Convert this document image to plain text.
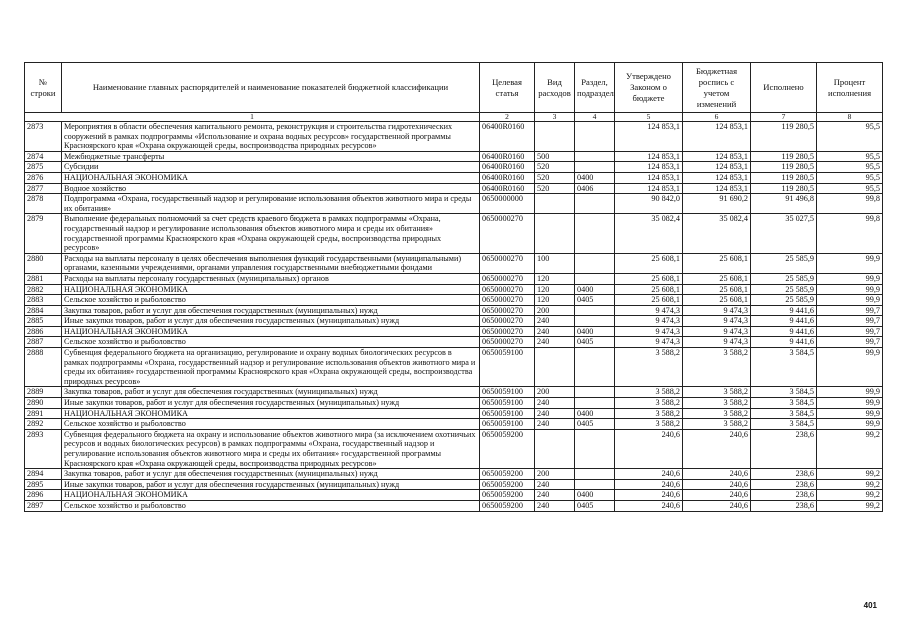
№ строки	Наименование главных распорядителей и наименование показателей бюджетной классификации	Целевая статья	Вид расходов	Раздел, подраздел	Утверждено Законом о бюджете	Бюджетная роспись с учетом изменений	Исполнено	Процент исполнения
1		2	3	4	5	6	7	8
2873	Мероприятия в области обеспечения капитального ремонта, реконструкция и строительства гидротехнических сооружений в рамках подпрограммы «Использование и охрана водных ресурсов» государственной программы Красноярского края «Охрана окружающей среды, воспроизводства природных ресурсов»	06400R0160			124 853,1	124 853,1	119 280,5	95,5
2874	Межбюджетные трансферты	06400R0160	500		124 853,1	124 853,1	119 280,5	95,5
2875	Субсидии	06400R0160	520		124 853,1	124 853,1	119 280,5	95,5
2876	НАЦИОНАЛЬНАЯ ЭКОНОМИКА	06400R0160	520	0400	124 853,1	124 853,1	119 280,5	95,5
2877	Водное хозяйство	06400R0160	520	0406	124 853,1	124 853,1	119 280,5	95,5
2878	Подпрограмма «Охрана, государственный надзор и регулирование использования объектов животного мира и среды их обитания»	0650000000			90 842,0	91 690,2	91 496,8	99,8
2879	Выполнение федеральных полномочий за счет средств краевого бюджета в рамках подпрограммы «Охрана, государственный надзор и регулирование использования объектов животного мира и среды их обитания» государственной программы Красноярского края «Охрана окружающей среды, воспроизводства природных ресурсов»	0650000270			35 082,4	35 082,4	35 027,5	99,8
2880	Расходы на выплаты персоналу в целях обеспечения выполнения функций государственными (муниципальными) органами, казенными учреждениями, органами управления государственными внебюджетными фондами	0650000270	100		25 608,1	25 608,1	25 585,9	99,9
2881	Расходы на выплаты персоналу государственных (муниципальных) органов	0650000270	120		25 608,1	25 608,1	25 585,9	99,9
2882	НАЦИОНАЛЬНАЯ ЭКОНОМИКА	0650000270	120	0400	25 608,1	25 608,1	25 585,9	99,9
2883	Сельское хозяйство и рыболовство	0650000270	120	0405	25 608,1	25 608,1	25 585,9	99,9
2884	Закупка товаров, работ и услуг для обеспечения государственных (муниципальных) нужд	0650000270	200		9 474,3	9 474,3	9 441,6	99,7
2885	Иные закупки товаров, работ и услуг для обеспечения государственных (муниципальных) нужд	0650000270	240		9 474,3	9 474,3	9 441,6	99,7
2886	НАЦИОНАЛЬНАЯ ЭКОНОМИКА	0650000270	240	0400	9 474,3	9 474,3	9 441,6	99,7
2887	Сельское хозяйство и рыболовство	0650000270	240	0405	9 474,3	9 474,3	9 441,6	99,7
2888	Субвенция федерального бюджета на организацию, регулирование и охрану водных биологических ресурсов в рамках подпрограммы «Охрана, государственный надзор и регулирование использования объектов животного мира и среды их обитания» государственной программы Красноярского края «Охрана окружающей среды, воспроизводства природных ресурсов»	0650059100			3 588,2	3 588,2	3 584,5	99,9
2889	Закупка товаров, работ и услуг для обеспечения государственных (муниципальных) нужд	0650059100	200		3 588,2	3 588,2	3 584,5	99,9
2890	Иные закупки товаров, работ и услуг для обеспечения государственных (муниципальных) нужд	0650059100	240		3 588,2	3 588,2	3 584,5	99,9
2891	НАЦИОНАЛЬНАЯ ЭКОНОМИКА	0650059100	240	0400	3 588,2	3 588,2	3 584,5	99,9
2892	Сельское хозяйство и рыболовство	0650059100	240	0405	3 588,2	3 588,2	3 584,5	99,9
2893	Субвенция федерального бюджета на охрану и использование объектов животного мира (за исключением охотничьих ресурсов и водных биологических ресурсов) в рамках подпрограммы «Охрана, государственный надзор и регулирование использования объектов животного мира и среды их обитания» государственной программы Красноярского края «Охрана окружающей среды, воспроизводства природных ресурсов»	0650059200			240,6	240,6	238,6	99,2
2894	Закупка товаров, работ и услуг для обеспечения государственных (муниципальных) нужд	0650059200	200		240,6	240,6	238,6	99,2
2895	Иные закупки товаров, работ и услуг для обеспечения государственных (муниципальных) нужд	0650059200	240		240,6	240,6	238,6	99,2
2896	НАЦИОНАЛЬНАЯ ЭКОНОМИКА	0650059200	240	0400	240,6	240,6	238,6	99,2
2897	Сельское хозяйство и рыболовство	0650059200	240	0405	240,6	240,6	238,6	99,2
401
